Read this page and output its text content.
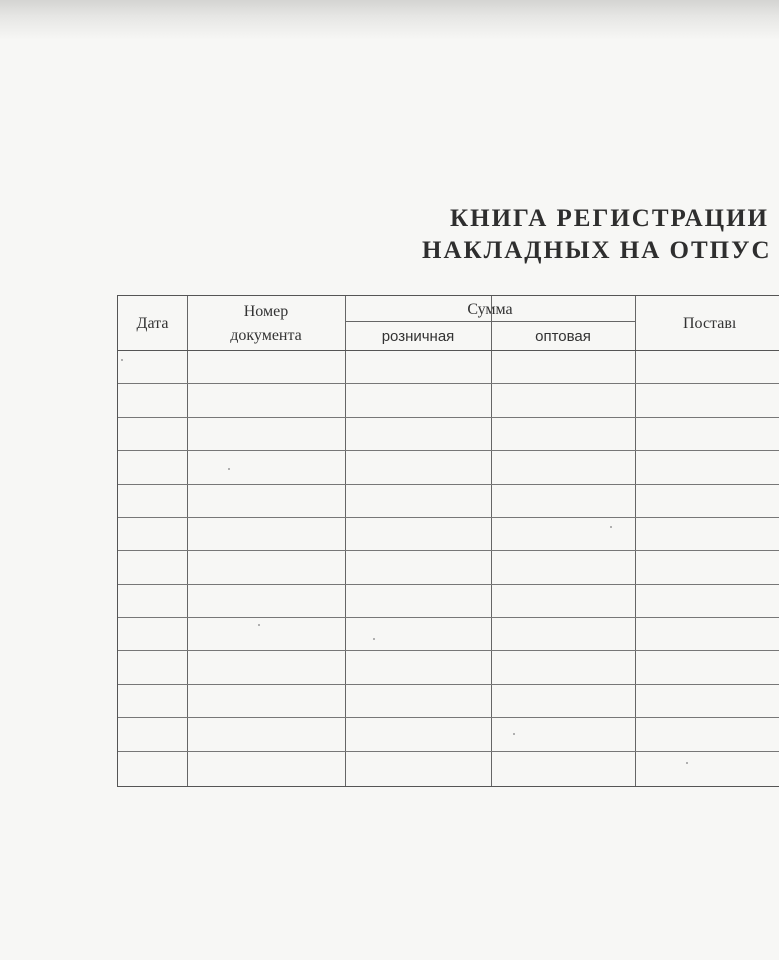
КНИГА РЕГИСТРАЦИИ
НАКЛАДНЫХ НА ОТПУС
Дата
Номер
документа
Сумма
розничная	оптовая
Поставı
